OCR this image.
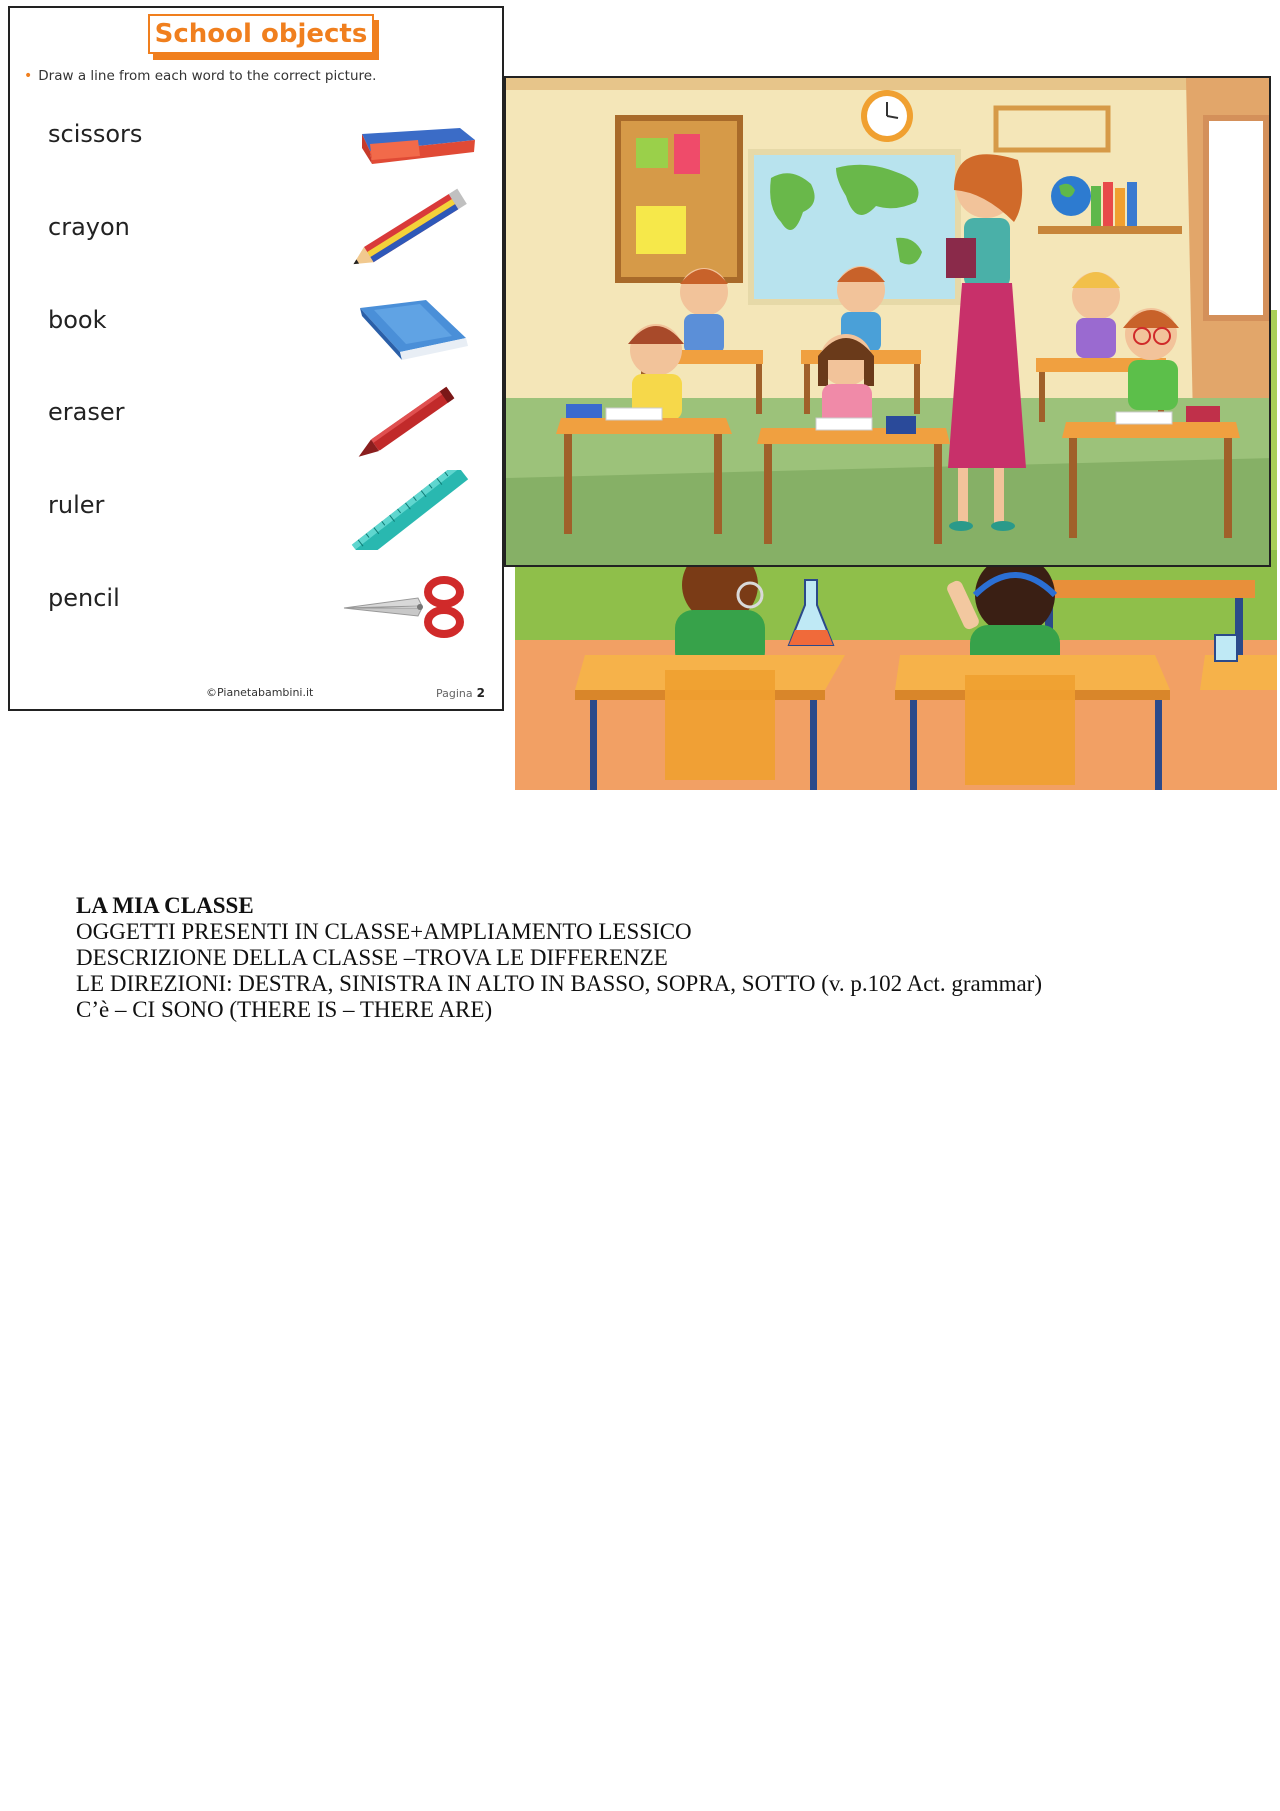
School objects
• Draw a line from each word to the correct picture.
scissors
crayon
book
eraser
ruler
pencil
©Pianetabambini.it	Pagina 2
LA MIA CLASSE
OGGETTI PRESENTI IN CLASSE+AMPLIAMENTO LESSICO
DESCRIZIONE DELLA CLASSE –TROVA LE DIFFERENZE
LE DIREZIONI: DESTRA, SINISTRA IN ALTO IN BASSO, SOPRA, SOTTO (v. p.102 Act. grammar)
C’è – CI SONO (THERE IS – THERE ARE)
